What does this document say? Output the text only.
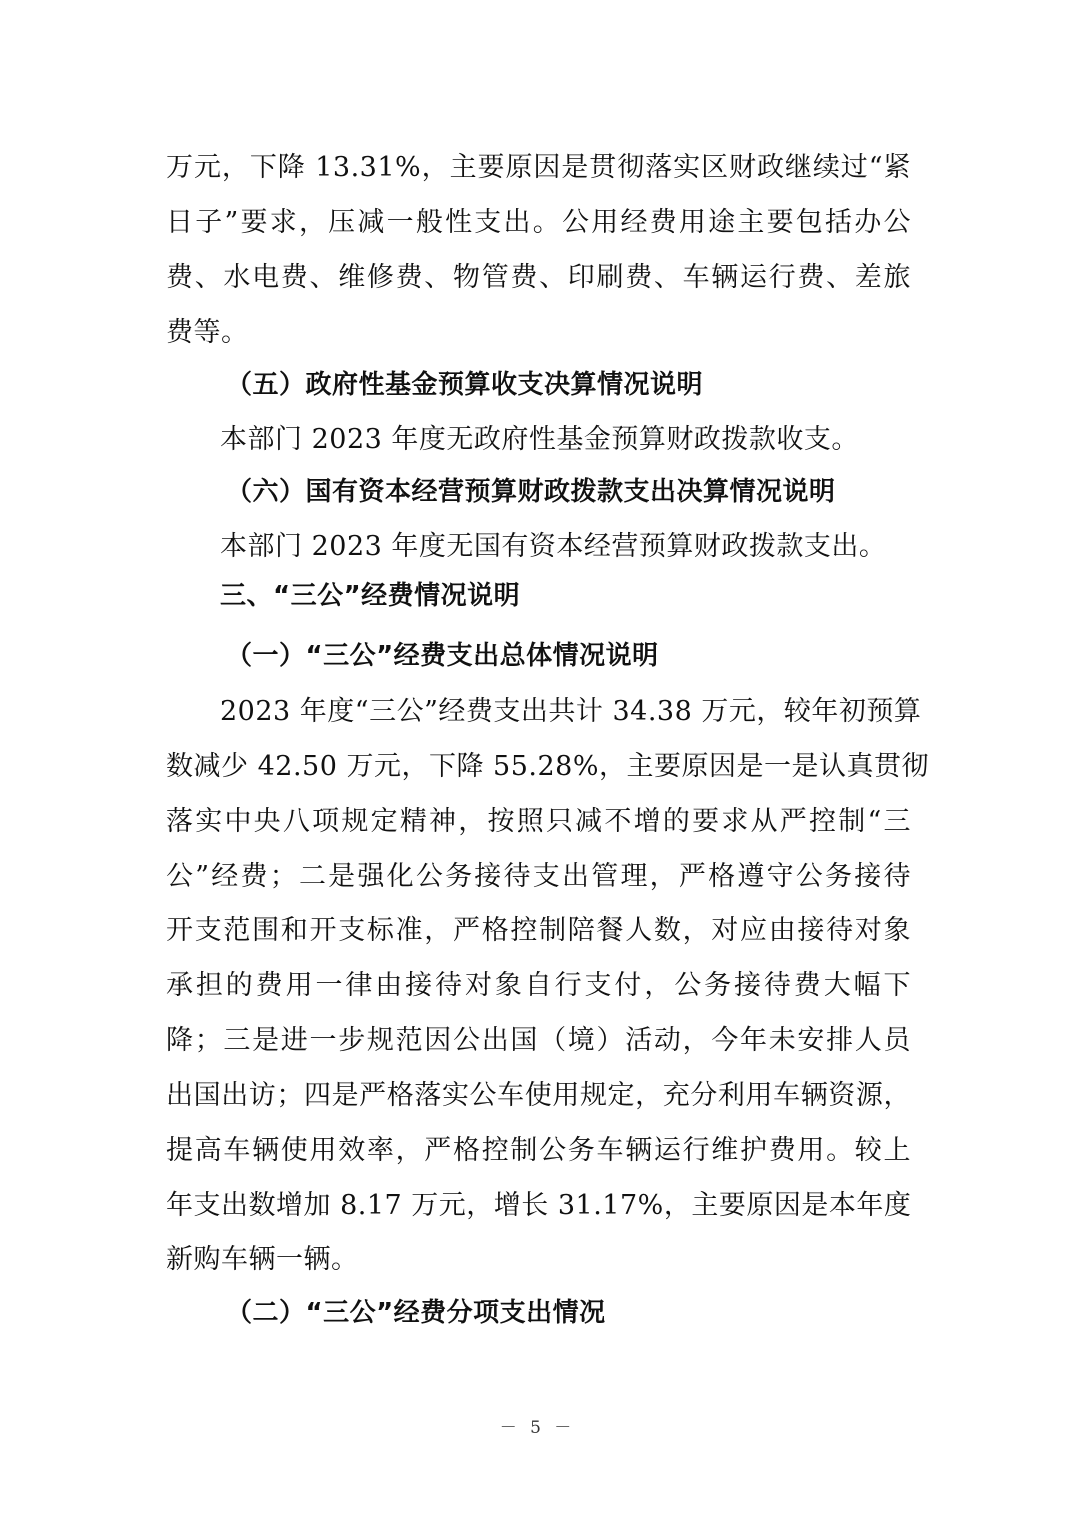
万元，下降 13.31%，主要原因是贯彻落实区财政继续过“紧
日子”要求，压减一般性支出。公用经费用途主要包括办公
费、水电费、维修费、物管费、印刷费、车辆运行费、差旅
费等。
（五）政府性基金预算收支决算情况说明
本部门 2023 年度无政府性基金预算财政拨款收支。
（六）国有资本经营预算财政拨款支出决算情况说明
本部门 2023 年度无国有资本经营预算财政拨款支出。
三、“三公”经费情况说明
（一）“三公”经费支出总体情况说明
2023 年度“三公”经费支出共计 34.38 万元，较年初预算
数减少 42.50 万元，下降 55.28%，主要原因是一是认真贯彻
落实中央八项规定精神，按照只减不增的要求从严控制“三
公”经费；二是强化公务接待支出管理，严格遵守公务接待
开支范围和开支标准，严格控制陪餐人数，对应由接待对象
承担的费用一律由接待对象自行支付，公务接待费大幅下
降；三是进一步规范因公出国（境）活动，今年未安排人员
出国出访；四是严格落实公车使用规定，充分利用车辆资源，
提高车辆使用效率，严格控制公务车辆运行维护费用。较上
年支出数增加 8.17 万元，增长 31.17%，主要原因是本年度
新购车辆一辆。
（二）“三公”经费分项支出情况
－ 5 －
